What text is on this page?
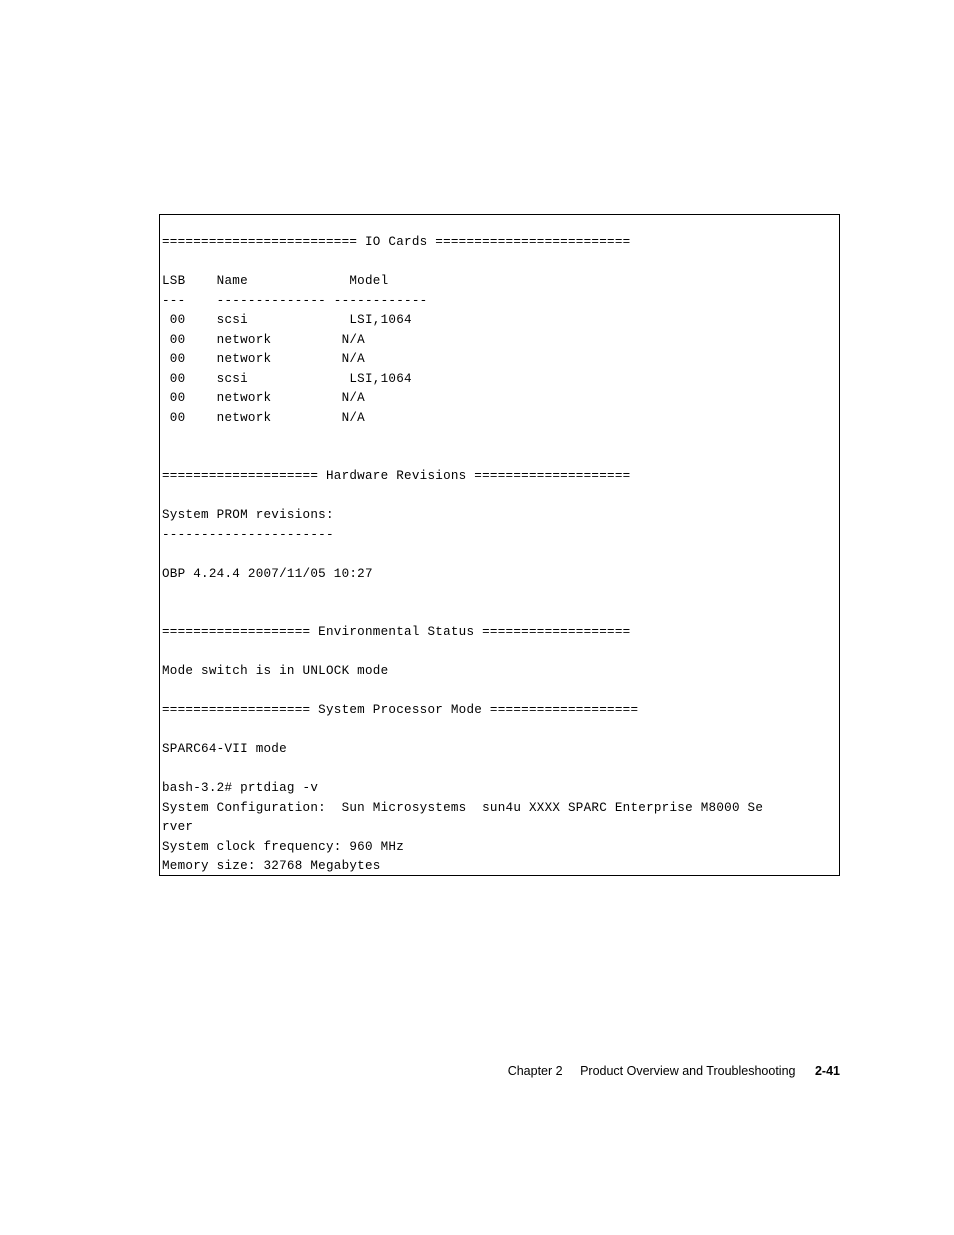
========================= IO Cards =========================
LSB    Name             Model
---    -------------- ------------
00    scsi             LSI,1064
00    network         N/A
00    network         N/A
00    scsi             LSI,1064
00    network         N/A
00    network         N/A
==================== Hardware Revisions ====================
System PROM revisions:
----------------------
OBP 4.24.4 2007/11/05 10:27
=================== Environmental Status ===================
Mode switch is in UNLOCK mode
=================== System Processor Mode ===================
SPARC64-VII mode
bash-3.2# prtdiag -v
System Configuration:  Sun Microsystems  sun4u XXXX SPARC Enterprise M8000 Se
rver
System clock frequency: 960 MHz
Memory size: 32768 Megabytes
Chapter 2 Product Overview and Troubleshooting 2-41
